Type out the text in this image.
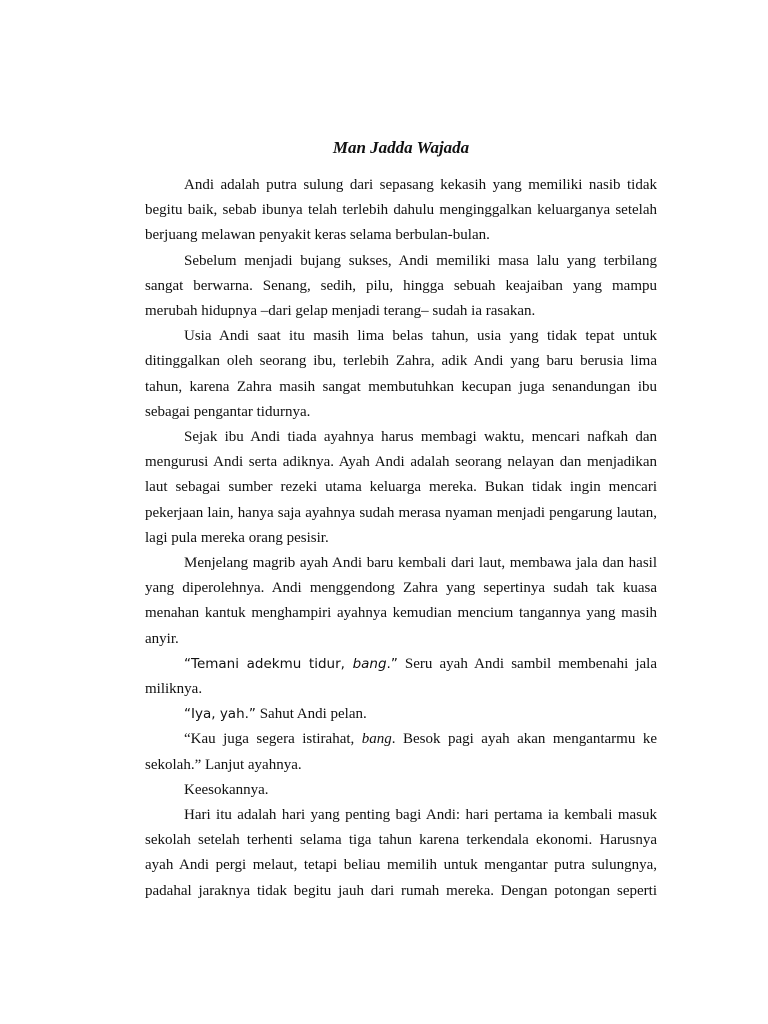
Man Jadda Wajada

Andi adalah putra sulung dari sepasang kekasih yang memiliki nasib tidak begitu baik, sebab ibunya telah terlebih dahulu menginggalkan keluarganya setelah berjuang melawan penyakit keras selama berbulan-bulan.

Sebelum menjadi bujang sukses, Andi memiliki masa lalu yang terbilang sangat berwarna. Senang, sedih, pilu, hingga sebuah keajaiban yang mampu merubah hidupnya –dari gelap menjadi terang– sudah ia rasakan.

Usia Andi saat itu masih lima belas tahun, usia yang tidak tepat untuk ditinggalkan oleh seorang ibu, terlebih Zahra, adik Andi yang baru berusia lima tahun, karena Zahra masih sangat membutuhkan kecupan juga senandungan ibu sebagai pengantar tidurnya.

Sejak ibu Andi tiada ayahnya harus membagi waktu, mencari nafkah dan mengurusi Andi serta adiknya. Ayah Andi adalah seorang nelayan dan menjadikan laut sebagai sumber rezeki utama keluarga mereka. Bukan tidak ingin mencari pekerjaan lain, hanya saja ayahnya sudah merasa nyaman menjadi pengarung lautan, lagi pula mereka orang pesisir.

Menjelang magrib ayah Andi baru kembali dari laut, membawa jala dan hasil yang diperolehnya. Andi menggendong Zahra yang sepertinya sudah tak kuasa menahan kantuk menghampiri ayahnya kemudian mencium tangannya yang masih anyir.

“Temani adekmu tidur, bang.” Seru ayah Andi sambil membenahi jala miliknya.

“Iya, yah.” Sahut Andi pelan.

“Kau juga segera istirahat, bang. Besok pagi ayah akan mengantarmu ke sekolah.” Lanjut ayahnya.

Keesokannya.

Hari itu adalah hari yang penting bagi Andi: hari pertama ia kembali masuk sekolah setelah terhenti selama tiga tahun karena terkendala ekonomi. Harusnya ayah Andi pergi melaut, tetapi beliau memilih untuk mengantar putra sulungnya, padahal jaraknya tidak begitu jauh dari rumah mereka. Dengan potongan seperti
